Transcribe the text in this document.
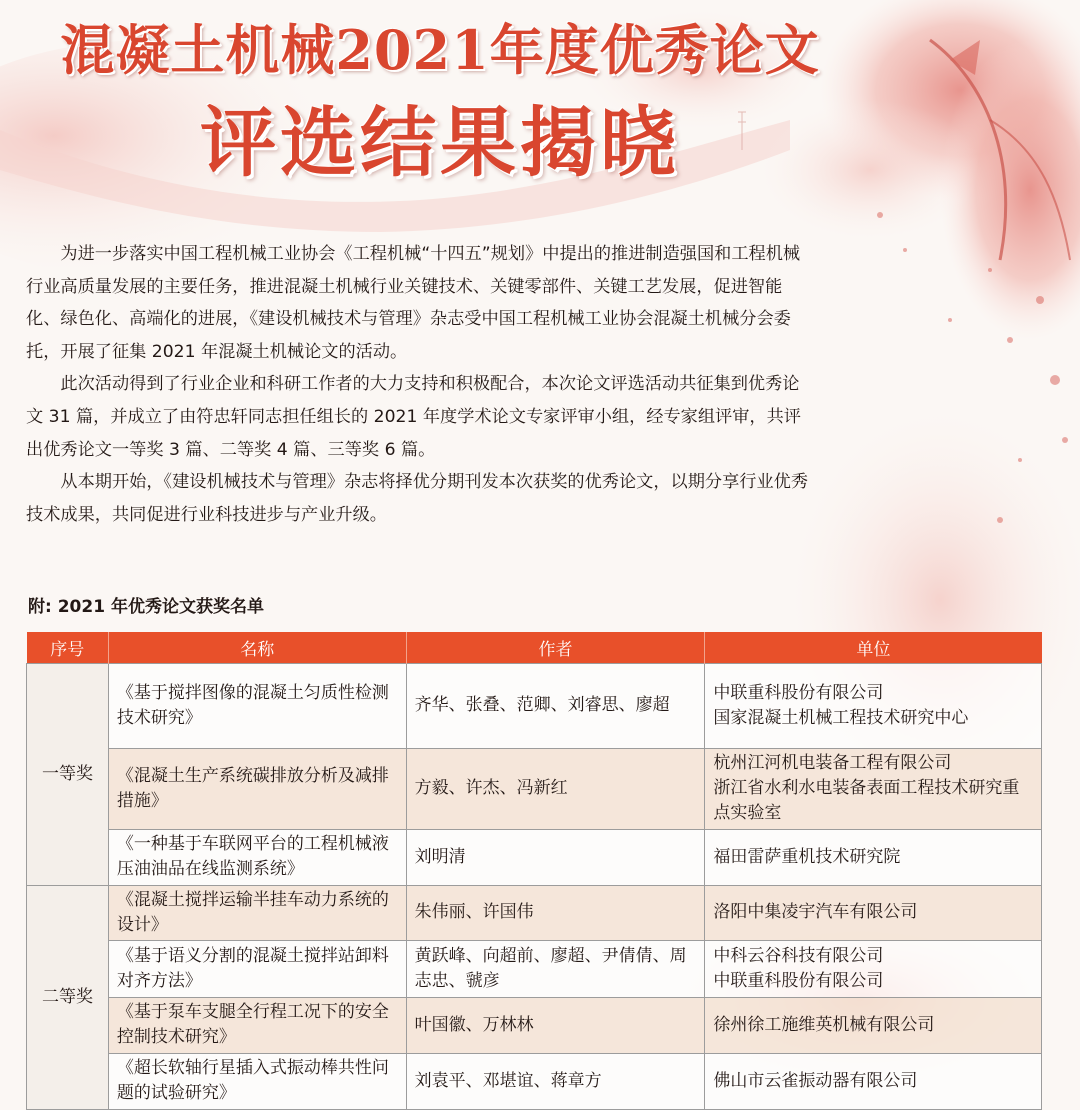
混凝土机械2021年度优秀论文
评选结果揭晓

为进一步落实中国工程机械工业协会《工程机械“十四五”规划》中提出的推进制造强国和工程机械行业高质量发展的主要任务，推进混凝土机械行业关键技术、关键零部件、关键工艺发展，促进智能化、绿色化、高端化的进展，《建设机械技术与管理》杂志受中国工程机械工业协会混凝土机械分会委托，开展了征集 2021 年混凝土机械论文的活动。

此次活动得到了行业企业和科研工作者的大力支持和积极配合，本次论文评选活动共征集到优秀论文 31 篇，并成立了由符忠轩同志担任组长的 2021 年度学术论文专家评审小组，经专家组评审，共评出优秀论文一等奖 3 篇、二等奖 4 篇、三等奖 6 篇。

从本期开始，《建设机械技术与管理》杂志将择优分期刊发本次获奖的优秀论文，以期分享行业优秀技术成果，共同促进行业科技进步与产业升级。

附: 2021 年优秀论文获奖名单
序号	名称	作者	单位
一等奖	《基于搅拌图像的混凝土匀质性检测技术研究》	齐华、张叠、范卿、刘睿思、廖超	中联重科股份有限公司
国家混凝土机械工程技术研究中心

	《混凝土生产系统碳排放分析及减排措施》	方毅、许杰、冯新红	杭州江河机电装备工程有限公司
浙江省水利水电装备表面工程技术研究重点实验室

	《一种基于车联网平台的工程机械液压油油品在线监测系统》	刘明清	福田雷萨重机技术研究院

二等奖	《混凝土搅拌运输半挂车动力系统的设计》	朱伟丽、许国伟	洛阳中集凌宇汽车有限公司

	《基于语义分割的混凝土搅拌站卸料对齐方法》	黄跃峰、向超前、廖超、尹倩倩、周志忠、虢彦	中科云谷科技有限公司
中联重科股份有限公司

	《基于泵车支腿全行程工况下的安全控制技术研究》	叶国徽、万林林	徐州徐工施维英机械有限公司

	《超长软轴行星插入式振动棒共性问题的试验研究》	刘袁平、邓堪谊、蒋章方	佛山市云雀振动器有限公司
